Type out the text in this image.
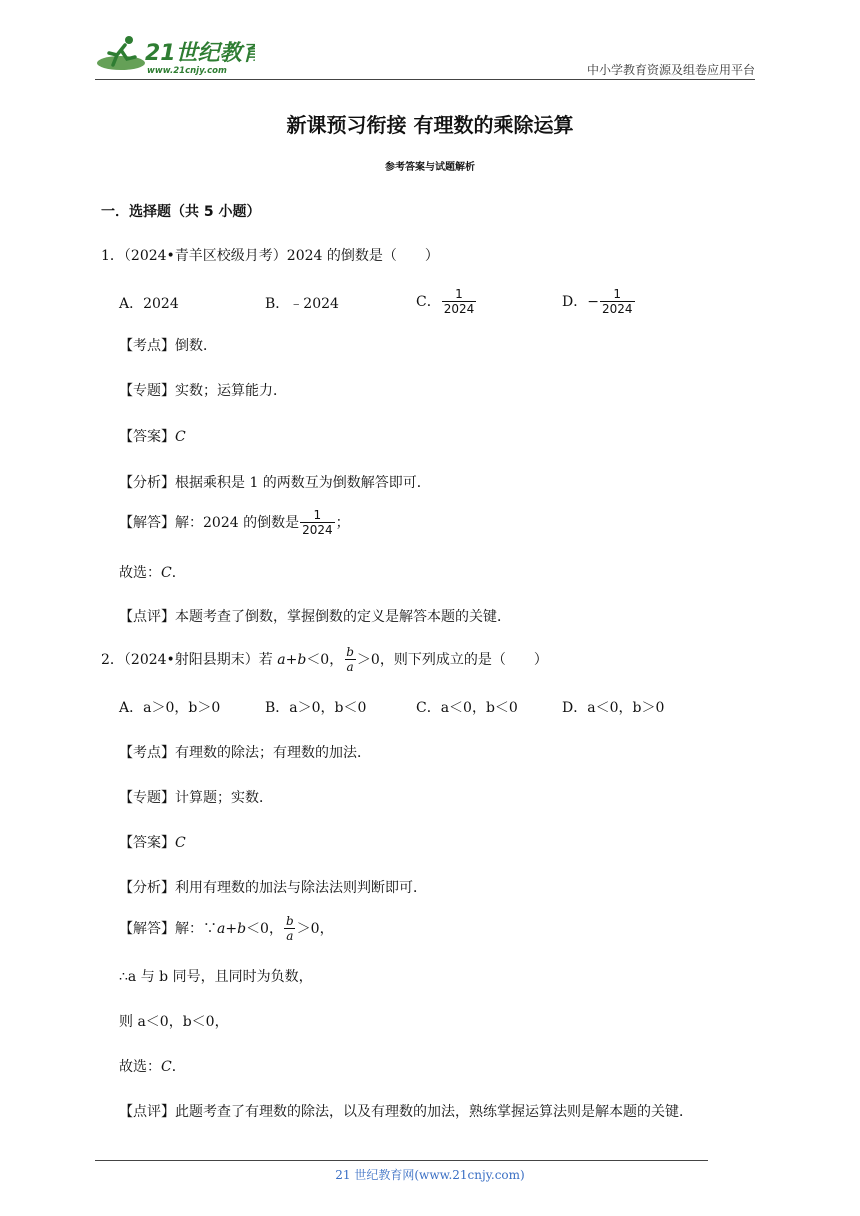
21世纪教育
www.21cnjy.com	中小学教育资源及组卷应用平台
新课预习衔接 有理数的乘除运算
参考答案与试题解析
一．选择题（共 5 小题）
1．（2024•青羊区校级月考）2024 的倒数是（　　）
A．2024	B．﹣2024	C． $\frac{1}{2024}$	D．− $\frac{1}{2024}$
【考点】倒数．
【专题】实数；运算能力．
【答案】C
【分析】根据乘积是 1 的两数互为倒数解答即可．
【解答】解：2024 的倒数是 $\frac{1}{2024}$ ；
故选：C．
【点评】本题考查了倒数，掌握倒数的定义是解答本题的关键．
2．（2024•射阳县期末）若 a+b＜0， $\frac{b}{a} >0$，则下列成立的是（　　）
A．a＞0，b＞0	B．a＞0，b＜0	C．a＜0，b＜0	D．a＜0，b＞0
【考点】有理数的除法；有理数的加法．
【专题】计算题；实数．
【答案】C
【分析】利用有理数的加法与除法法则判断即可．
【解答】解：∵a+b＜0， $\frac{b}{a} >0$，
∴a 与 b 同号，且同时为负数，
则 a＜0，b＜0，
故选：C．
【点评】此题考查了有理数的除法，以及有理数的加法，熟练掌握运算法则是解本题的关键．
21 世纪教育网(www.21cnjy.com)
